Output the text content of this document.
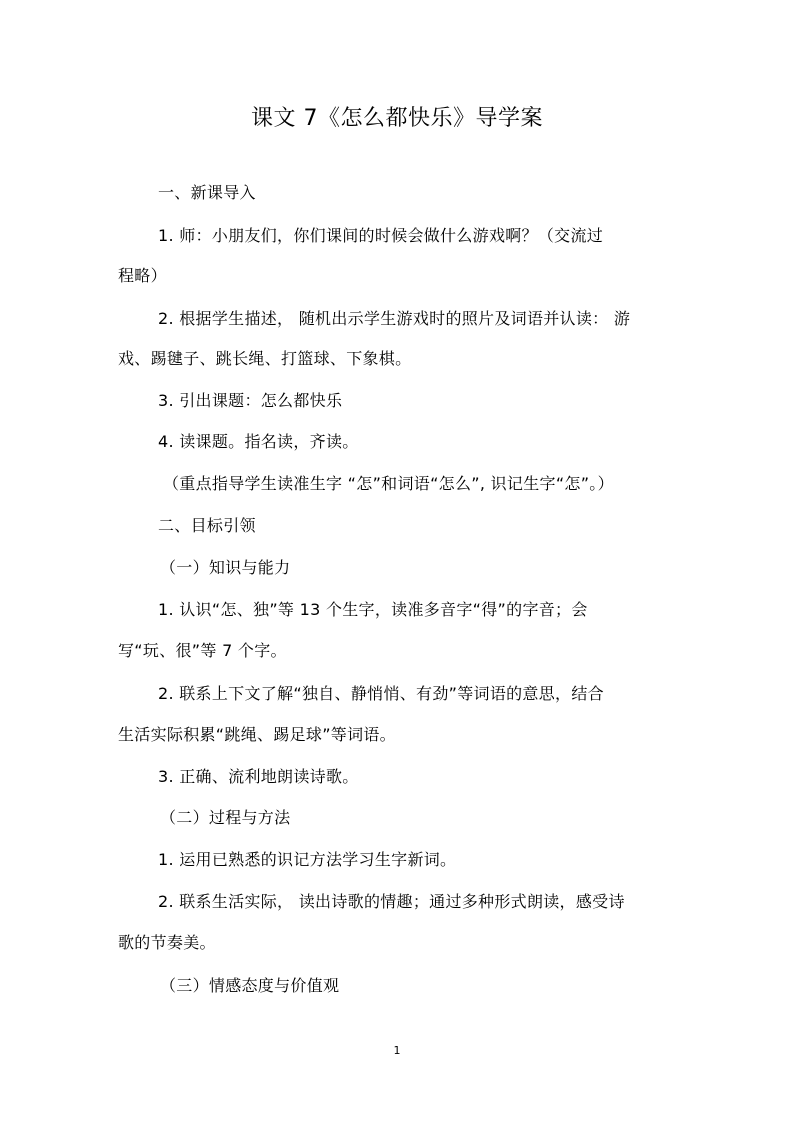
课文 7《怎么都快乐》导学案
一、新课导入
1. 师：小朋友们，你们课间的时候会做什么游戏啊？（交流过
程略）
2. 根据学生描述， 随机出示学生游戏时的照片及词语并认读： 游
戏、踢毽子、跳长绳、打篮球、下象棋。
3. 引出课题：怎么都快乐
4. 读课题。指名读，齐读。
（重点指导学生读准生字 “怎”和词语“怎么”, 识记生字“怎”。）
二、目标引领
（一）知识与能力
1. 认识“怎、独”等 13 个生字，读准多音字“得”的字音；会
写“玩、很”等 7 个字。
2. 联系上下文了解“独自、静悄悄、有劲”等词语的意思，结合
生活实际积累“跳绳、踢足球”等词语。
3. 正确、流利地朗读诗歌。
（二）过程与方法
1. 运用已熟悉的识记方法学习生字新词。
2. 联系生活实际， 读出诗歌的情趣；通过多种形式朗读，感受诗
歌的节奏美。
（三）情感态度与价值观
1
